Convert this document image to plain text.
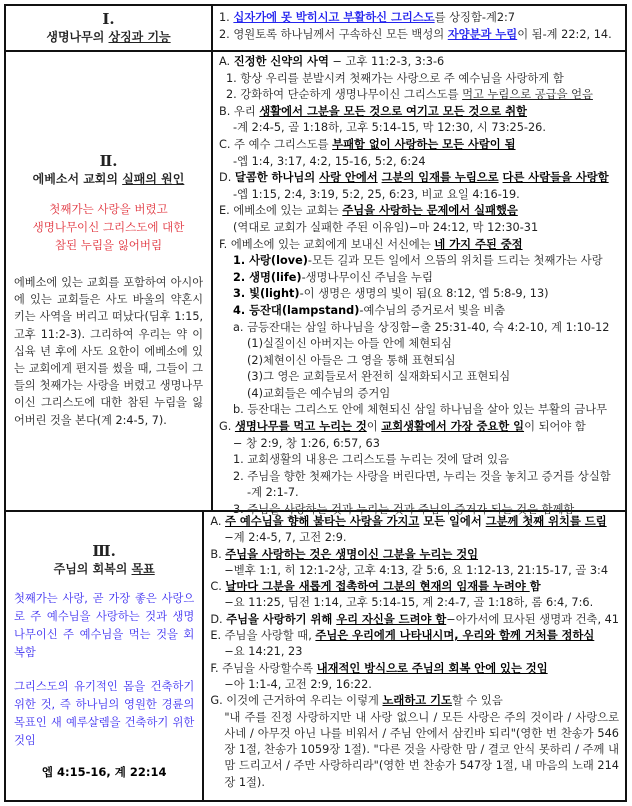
I.
생명나무의 상징과 기능
1. 십자가에 못 박히시고 부활하신 그리스도를 상징함-계2:7
2. 영원토록 하나님께서 구속하신 모든 백성의 자양분과 누림이 됨-계 22:2, 14.
Ⅱ.
에베소서 교회의 실패의 원인
첫째가는 사랑을 버렸고
생명나무이신 그리스도에 대한
참된 누림을 잃어버림
에베소에 있는 교회를 포함하여 아시아에 있는 교회들은 사도 바울의 약혼시키는 사역을 버리고 떠났다(딤후 1:15, 고후 11:2-3). 그리하여 우리는 약 이십육 년 후에 사도 요한이 에베소에 있는 교회에게 편지를 썼을 때, 그들이 그들의 첫째가는 사랑을 버렸고 생명나무이신 그리스도에 대한 참된 누림을 잃어버린 것을 본다(계 2:4-5, 7).
A. 진정한 신약의 사역 − 고후 11:2-3, 3:3-6
1. 항상 우리를 분발시켜 첫째가는 사랑으로 주 예수님을 사랑하게 함
2. 강화하여 단순하게 생명나무이신 그리스도를 먹고 누림으로 공급을 얻음
B. 우리 생활에서 그분을 모든 것으로 여기고 모든 것으로 취함
-계 2:4-5, 골 1:18하, 고후 5:14-15, 막 12:30, 시 73:25-26.
C. 주 예수 그리스도를 부패함 없이 사랑하는 모든 사람이 됨
-엡 1:4, 3:17, 4:2, 15-16, 5:2, 6:24
D. 달콤한 하나님의 사랑 안에서 그분의 임재를 누림으로 다른 사람들을 사랑함
-엡 1:15, 2:4, 3:19, 5:2, 25, 6:23, 비교 요일 4:16-19.
E. 에베소에 있는 교회는 주님을 사랑하는 문제에서 실패했음
(역대로 교회가 실패한 주된 이유임)−마 24:12, 막 12:30-31
F. 에베소에 있는 교회에게 보내신 서신에는 네 가지 주된 중점
1. 사랑(love)-모든 길과 모든 일에서 으뜸의 위치를 드리는 첫째가는 사랑
2. 생명(life)-생명나무이신 주님을 누림
3. 빛(light)-이 생명은 생명의 빛이 됨(요 8:12, 엡 5:8-9, 13)
4. 등잔대(lampstand)-예수님의 증거로서 빛을 비춤
a. 금등잔대는 삼일 하나님을 상징함−출 25:31-40, 슥 4:2-10, 계 1:10-12
(1)실질이신 아버지는 아들 안에 체현되심
(2)체현이신 아들은 그 영을 통해 표현되심
(3)그 영은 교회들로서 완전히 실재화되시고 표현되심
(4)교회들은 예수님의 증거임
b. 등잔대는 그리스도 안에 체현되신 삼일 하나님을 살아 있는 부활의 금나무
G. 생명나무를 먹고 누리는 것이 교회생활에서 가장 중요한 일이 되어야 함
− 창 2:9, 창 1:26, 6:57, 63
1. 교회생활의 내용은 그리스도를 누리는 것에 달려 있음
2. 주님을 향한 첫째가는 사랑을 버린다면, 누리는 것을 놓치고 증거를 상실함
-계 2:1-7.
3. 주님을 사랑하는 것과 누리는 것과 주님의 증거가 되는 것은 함께함
Ⅲ.
주님의 회복의 목표
첫째가는 사랑, 곧 가장 좋은 사랑으로 주 예수님을 사랑하는 것과 생명나무이신 주 예수님을 먹는 것을 회복함
그리스도의 유기적인 몸을 건축하기 위한 것, 즉 하나님의 영원한 경륜의 목표인 새 예루살렘을 건축하기 위한 것임
엡 4:15-16, 계 22:14
A. 주 예수님을 향해 불타는 사랑을 가지고 모든 일에서 그분께 첫째 위치를 드림
−계 2:4-5, 7, 고전 2:9.
B. 주님을 사랑하는 것은 생명이신 그분을 누리는 것임
−벧후 1:1, 히 12:1-2상, 고후 4:13, 갈 5:6, 요 1:12-13, 21:15-17, 골 3:4
C. 날마다 그분을 새롭게 접촉하여 그분의 현재의 임재를 누려야 함
−요 11:25, 딤전 1:14, 고후 5:14-15, 계 2:4-7, 골 1:18하, 롬 6:4, 7:6.
D. 주님을 사랑하기 위해 우리 자신을 드려야 함−아가서에 묘사된 생명과 건축, 41
E. 주님을 사랑할 때, 주님은 우리에게 나타내시며, 우리와 함께 거처를 정하심
−요 14:21, 23
F. 주님을 사랑할수록 내재적인 방식으로 주님의 회복 안에 있는 것임
−아 1:1-4, 고전 2:9, 16:22.
G. 이것에 근거하여 우리는 이렇게 노래하고 기도할 수 있음
"내 주를 진정 사랑하지만 내 사랑 없으니 / 모든 사랑은 주의 것이라 / 사랑으로 사네 / 아무것 아닌 나를 비워서 / 주님 안에서 삼킨바 되리"(영한 번 찬송가 546장 1절, 찬송가 1059장 1절). "다른 것을 사랑한 맘 / 결코 안식 못하리 / 주께 내맘 드리고서 / 주만 사랑하리라"(영한 번 찬송가 547장 1절, 내 마음의 노래 214장 1절).
